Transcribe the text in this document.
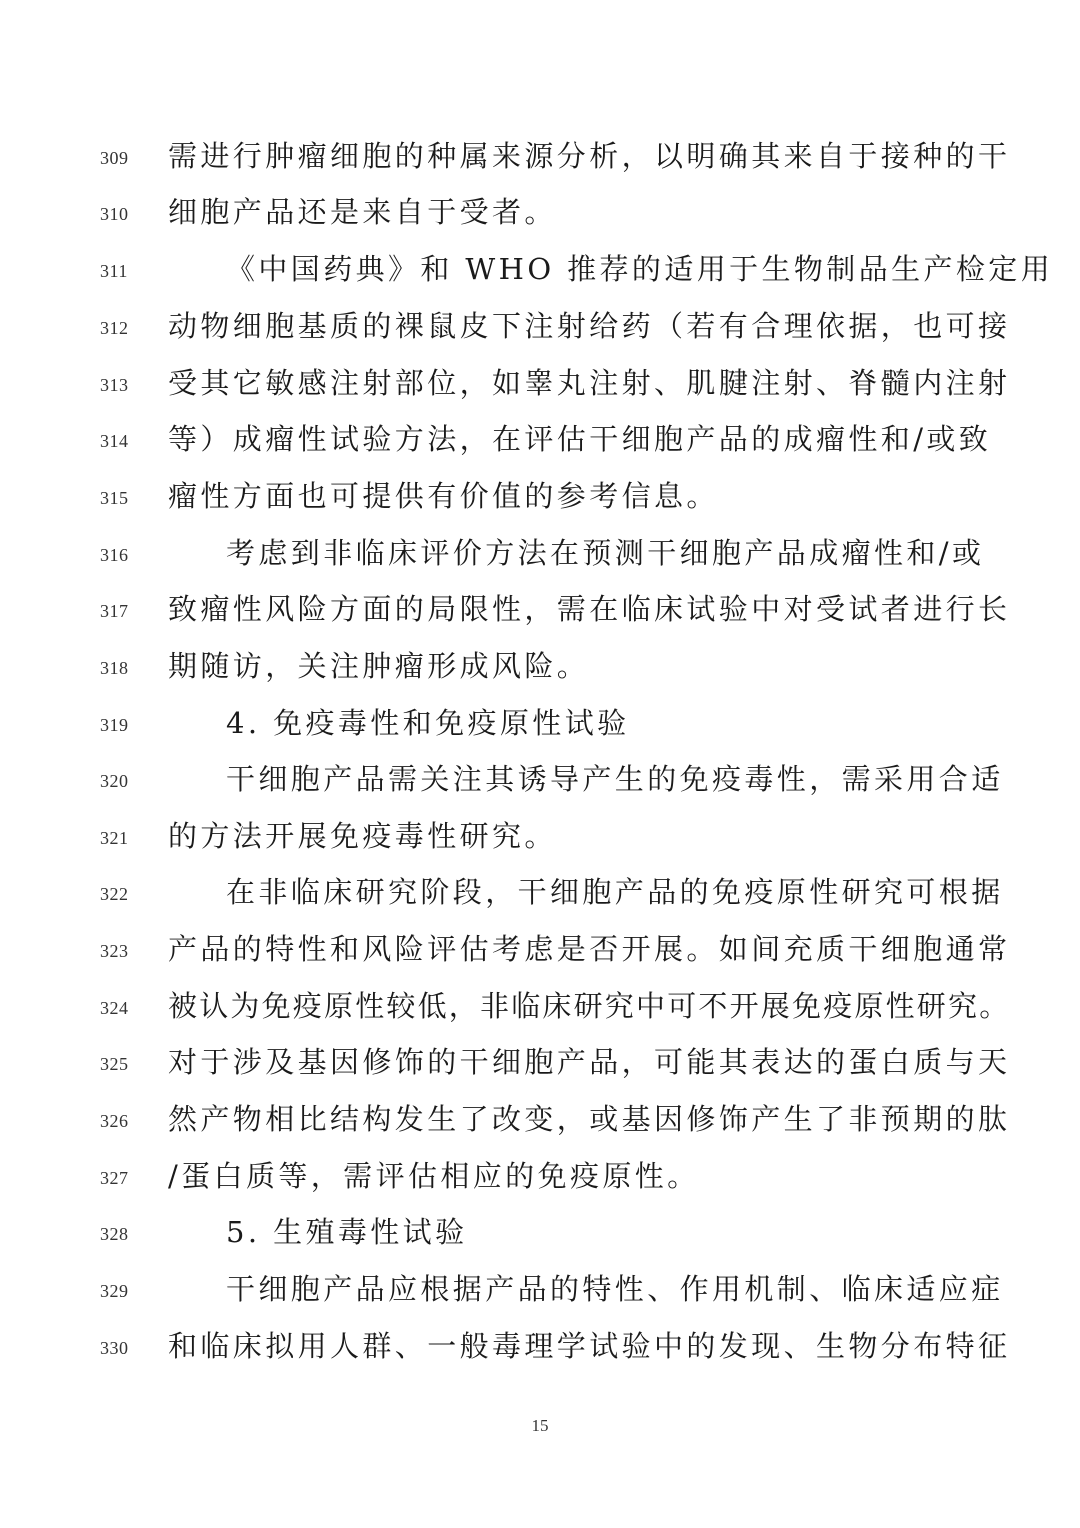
309	需进行肿瘤细胞的种属来源分析，以明确其来自于接种的干
310	细胞产品还是来自于受者。
311	《中国药典》和 WHO 推荐的适用于生物制品生产检定用
312	动物细胞基质的裸鼠皮下注射给药（若有合理依据，也可接
313	受其它敏感注射部位，如睾丸注射、肌腱注射、脊髓内注射
314	等）成瘤性试验方法，在评估干细胞产品的成瘤性和/或致
315	瘤性方面也可提供有价值的参考信息。
316	考虑到非临床评价方法在预测干细胞产品成瘤性和/或
317	致瘤性风险方面的局限性，需在临床试验中对受试者进行长
318	期随访，关注肿瘤形成风险。
319	4. 免疫毒性和免疫原性试验
320	干细胞产品需关注其诱导产生的免疫毒性，需采用合适
321	的方法开展免疫毒性研究。
322	在非临床研究阶段，干细胞产品的免疫原性研究可根据
323	产品的特性和风险评估考虑是否开展。如间充质干细胞通常
324	被认为免疫原性较低，非临床研究中可不开展免疫原性研究。
325	对于涉及基因修饰的干细胞产品，可能其表达的蛋白质与天
326	然产物相比结构发生了改变，或基因修饰产生了非预期的肽
327	/蛋白质等，需评估相应的免疫原性。
328	5. 生殖毒性试验
329	干细胞产品应根据产品的特性、作用机制、临床适应症
330	和临床拟用人群、一般毒理学试验中的发现、生物分布特征
15
